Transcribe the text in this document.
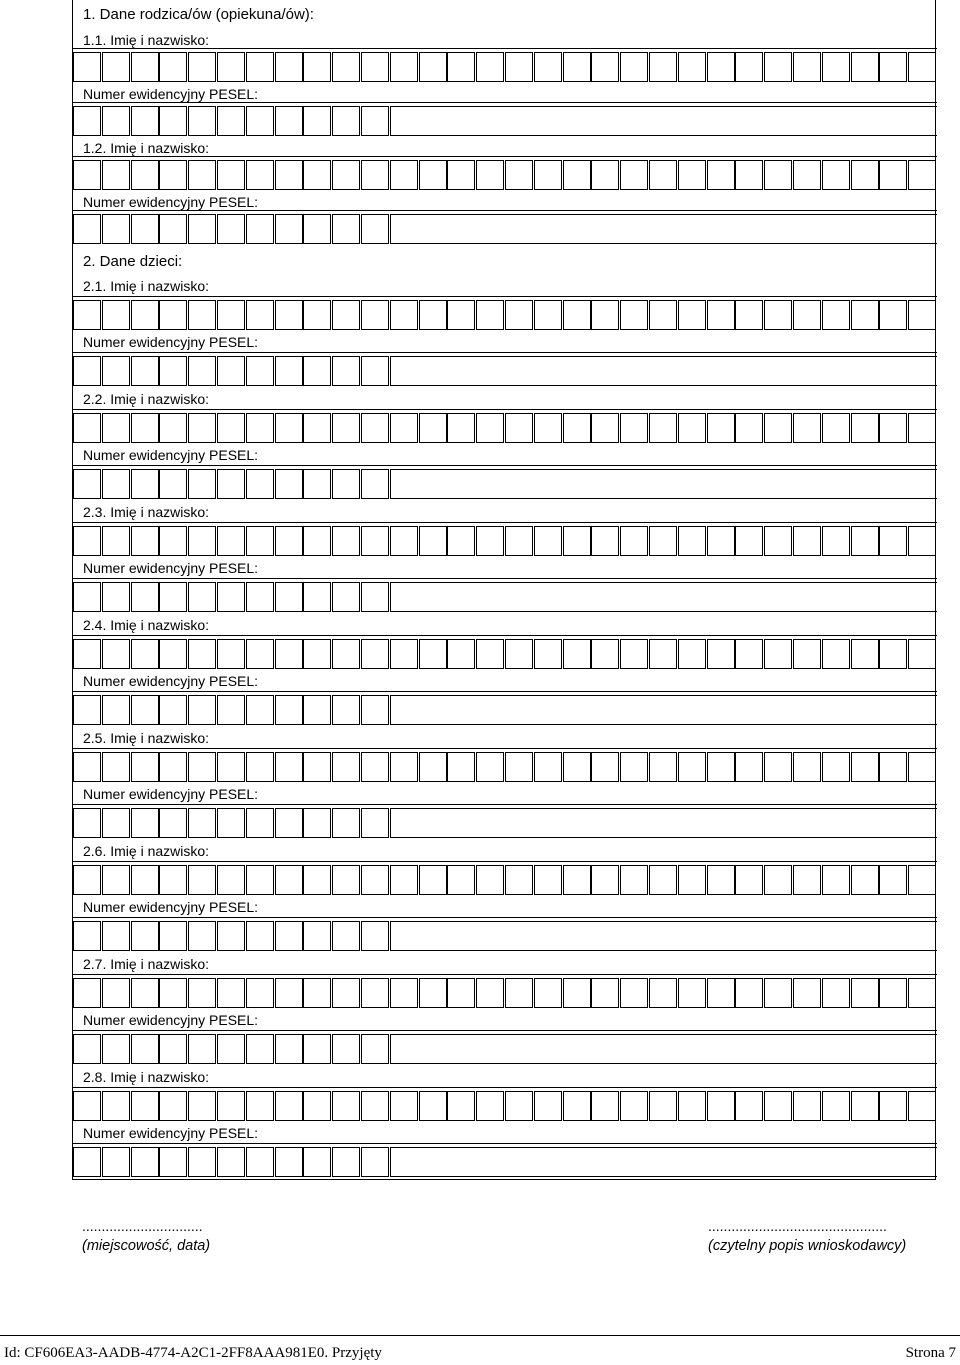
1. Dane rodzica/ów (opiekuna/ów):
1.1. Imię i nazwisko:
Numer ewidencyjny PESEL:
1.2. Imię i nazwisko:
Numer ewidencyjny PESEL:
2. Dane dzieci:
2.1. Imię i nazwisko:
Numer ewidencyjny PESEL:
2.2. Imię i nazwisko:
Numer ewidencyjny PESEL:
2.3. Imię i nazwisko:
Numer ewidencyjny PESEL:
2.4. Imię i nazwisko:
Numer ewidencyjny PESEL:
2.5. Imię i nazwisko:
Numer ewidencyjny PESEL:
2.6. Imię i nazwisko:
Numer ewidencyjny PESEL:
2.7. Imię i nazwisko:
Numer ewidencyjny PESEL:
2.8. Imię i nazwisko:
Numer ewidencyjny PESEL:
...............................
(miejscowość, data)
..............................................
(czytelny popis wnioskodawcy)
Id: CF606EA3-AADB-4774-A2C1-2FF8AAA981E0. Przyjęty	Strona 7
